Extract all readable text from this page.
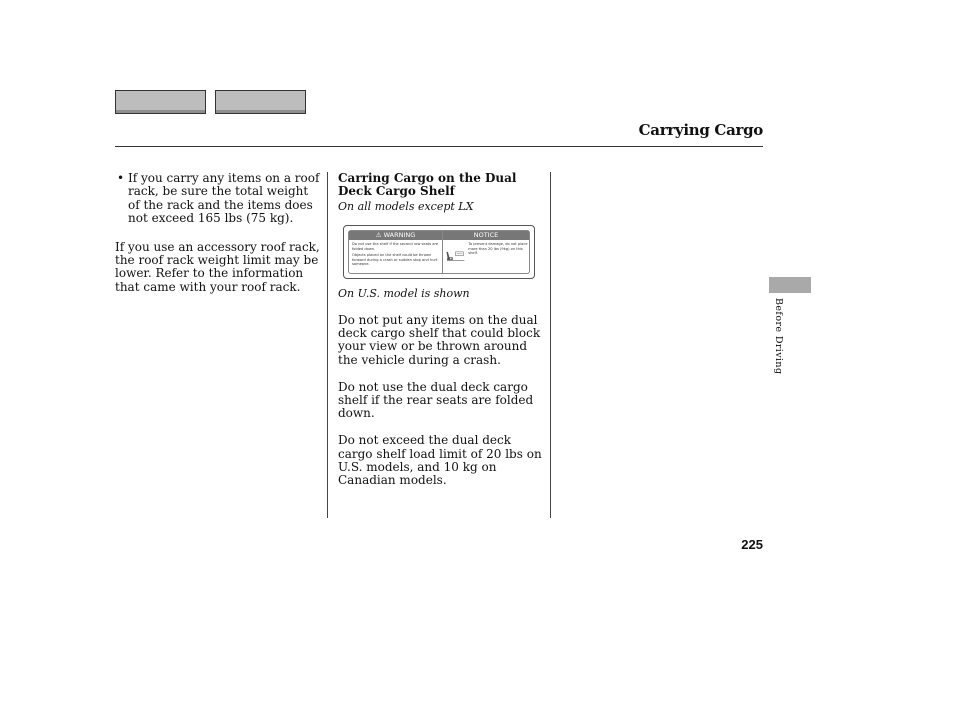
Carrying Cargo

• If you carry any items on a roof rack, be sure the total weight of the rack and the items does not exceed 165 lbs (75 kg).

If you use an accessory roof rack, the roof rack weight limit may be lower. Refer to the information that came with your roof rack.

Carring Cargo on the Dual Deck Cargo Shelf

On all models except LX

⚠ WARNING
Do not use the shelf if the second row seats are folded down.
Objects placed on the shelf could be thrown forward during a crash or sudden stop and hurt someone.
NOTICE
To prevent damage, do not place more than 20 lbs (9kg) on this shelf.

On U.S. model is shown

Do not put any items on the dual deck cargo shelf that could block your view or be thrown around the vehicle during a crash.

Do not use the dual deck cargo shelf if the rear seats are folded down.

Do not exceed the dual deck cargo shelf load limit of 20 lbs on U.S. models, and 10 kg on Canadian models.

Before Driving
225
